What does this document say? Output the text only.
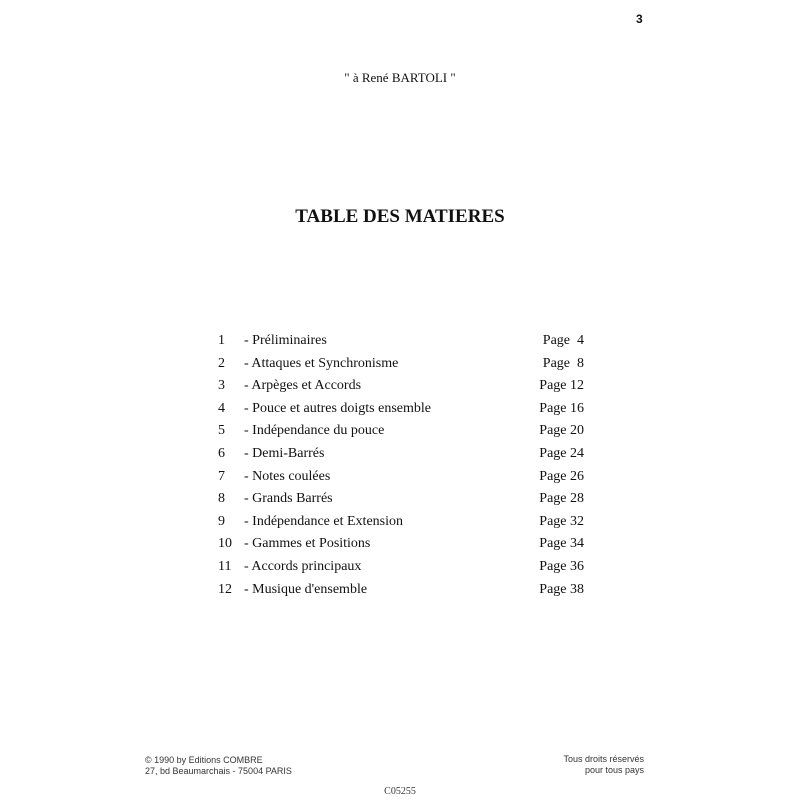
3
" à René BARTOLI "
TABLE DES MATIERES
1 - Préliminaires	Page  4
2 - Attaques et Synchronisme	Page  8
3 - Arpèges et Accords	Page 12
4 - Pouce et autres doigts ensemble	Page 16
5 - Indépendance du pouce	Page 20
6 - Demi-Barrés	Page 24
7 - Notes coulées	Page 26
8 - Grands Barrés	Page 28
9 - Indépendance et Extension	Page 32
10 - Gammes et Positions	Page 34
11 - Accords principaux	Page 36
12 - Musique d'ensemble	Page 38
© 1990 by Editions COMBRE
27, bd Beaumarchais - 75004 PARIS
Tous droits réservés
pour tous pays
C05255
